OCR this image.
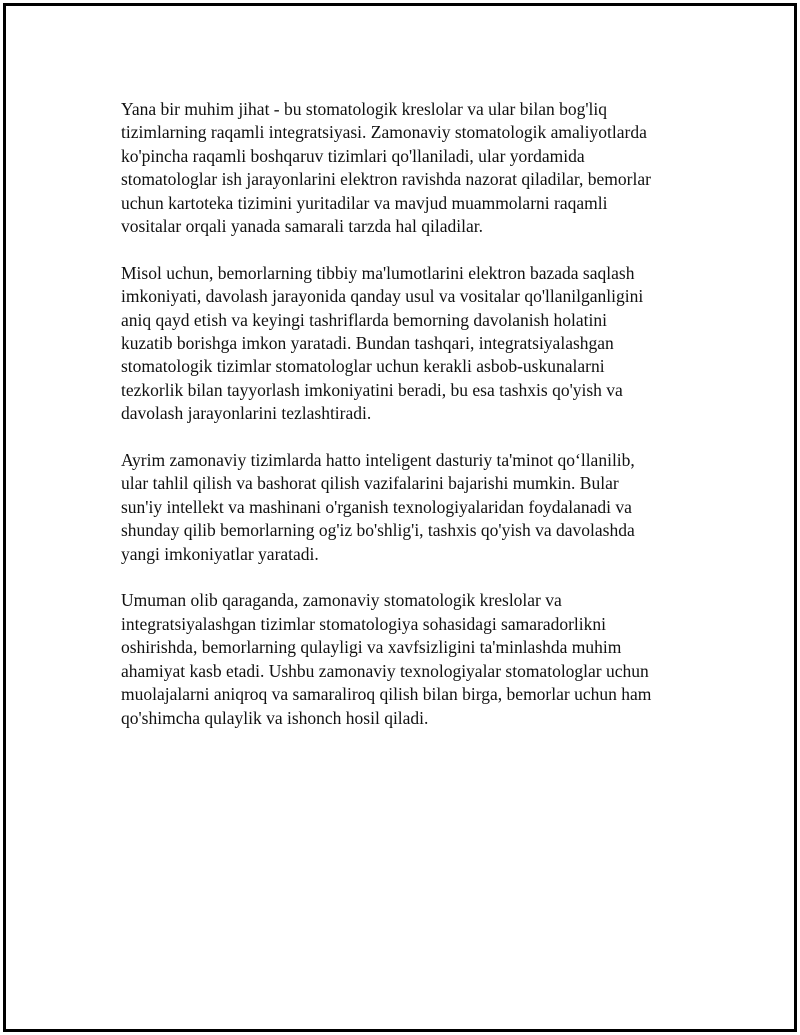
Yana bir muhim jihat - bu stomatologik kreslolar va ular bilan bog'liq
tizimlarning raqamli integratsiyasi. Zamonaviy stomatologik amaliyotlarda
ko'pincha raqamli boshqaruv tizimlari qo'llaniladi, ular yordamida
stomatologlar ish jarayonlarini elektron ravishda nazorat qiladilar, bemorlar
uchun kartoteka tizimini yuritadilar va mavjud muammolarni raqamli
vositalar orqali yanada samarali tarzda hal qiladilar.

Misol uchun, bemorlarning tibbiy ma'lumotlarini elektron bazada saqlash
imkoniyati, davolash jarayonida qanday usul va vositalar qo'llanilganligini
aniq qayd etish va keyingi tashriflarda bemorning davolanish holatini
kuzatib borishga imkon yaratadi. Bundan tashqari, integratsiyalashgan
stomatologik tizimlar stomatologlar uchun kerakli asbob-uskunalarni
tezkorlik bilan tayyorlash imkoniyatini beradi, bu esa tashxis qo'yish va
davolash jarayonlarini tezlashtiradi.

Ayrim zamonaviy tizimlarda hatto inteligent dasturiy ta'minot qo‘llanilib,
ular tahlil qilish va bashorat qilish vazifalarini bajarishi mumkin. Bular
sun'iy intellekt va mashinani o'rganish texnologiyalaridan foydalanadi va
shunday qilib bemorlarning og'iz bo'shlig'i, tashxis qo'yish va davolashda
yangi imkoniyatlar yaratadi.

Umuman olib qaraganda, zamonaviy stomatologik kreslolar va
integratsiyalashgan tizimlar stomatologiya sohasidagi samaradorlikni
oshirishda, bemorlarning qulayligi va xavfsizligini ta'minlashda muhim
ahamiyat kasb etadi. Ushbu zamonaviy texnologiyalar stomatologlar uchun
muolajalarni aniqroq va samaraliroq qilish bilan birga, bemorlar uchun ham
qo'shimcha qulaylik va ishonch hosil qiladi.
